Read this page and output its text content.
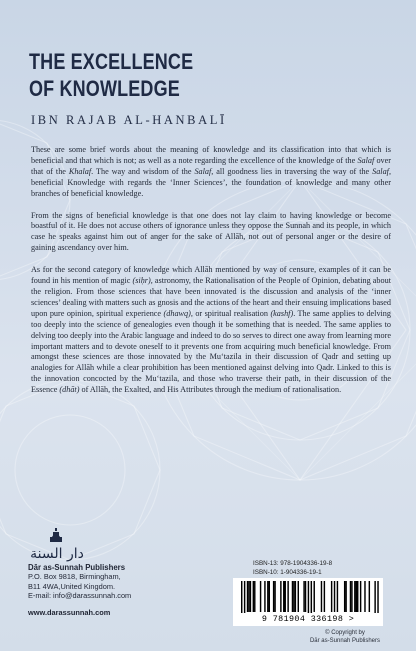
THE EXCELLENCE
OF KNOWLEDGE
IBN RAJAB AL-HANBALĪ

These are some brief words about the meaning of knowledge and its classification into that which is beneficial and that which is not; as well as a note regarding the excellence of the knowledge of the Salaf over that of the Khalaf. The way and wisdom of the Salaf, all goodness lies in traversing the way of the Salaf, beneficial Knowledge with regards the ‘Inner Sciences’, the foundation of knowledge and many other branches of beneficial knowledge.

From the signs of beneficial knowledge is that one does not lay claim to having knowledge or become boastful of it. He does not accuse others of ignorance unless they oppose the Sunnah and its people, in which case he speaks against him out of anger for the sake of Allāh, not out of personal anger or the desire of gaining ascendancy over him.

As for the second category of knowledge which Allāh mentioned by way of censure, examples of it can be found in his mention of magic (siḥr), astronomy, the Rationalisation of the People of Opinion, debating about the religion. From those sciences that have been innovated is the discussion and analysis of the ‘inner sciences’ dealing with matters such as gnosis and the actions of the heart and their ensuing implications based upon pure opinion, spiritual experience (dhawq), or spiritual realisation (kashf). The same applies to delving too deeply into the science of genealogies even though it be something that is needed. The same applies to delving too deeply into the Arabic language and indeed to do so serves to direct one away from learning more important matters and to devote oneself to it prevents one from acquiring much beneficial knowledge. From amongst these sciences are those innovated by the Mu‘tazila in their discussion of Qadr and setting up analogies for Allāh while a clear prohibition has been mentioned against delving into Qadr. Linked to this is the innovation concocted by the Mu‘tazila, and those who traverse their path, in their discussion of the Essence (dhāt) of Allāh, the Exalted, and His Attributes through the medium of rationalisation.

دار السنة
Dār as-Sunnah Publishers
P.O. Box 9818, Birmingham,
B11 4WA,United Kingdom.
E-mail: info@darassunnah.com
www.darassunnah.com
ISBN-13: 978-1904336-19-8
ISBN-10: 1-904336-19-1
9 781904 336198 >
© Copyright by
Dār as-Sunnah Publishers
